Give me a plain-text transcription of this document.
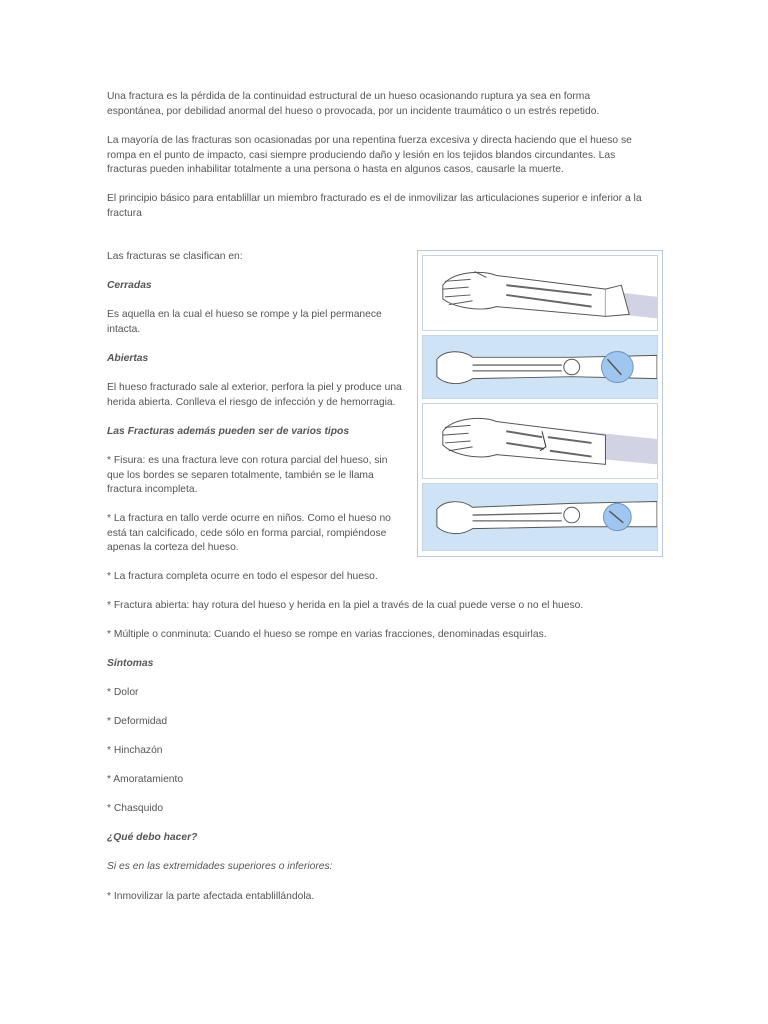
Una fractura es la pérdida de la continuidad estructural de un hueso ocasionando ruptura ya sea en forma

espontánea, por debilidad anormal del hueso o provocada, por un incidente traumático o un estrés repetido.

La mayoría de las fracturas son ocasionadas por una repentina fuerza excesiva y directa haciendo que el hueso se

rompa en el punto de impacto, casi siempre produciendo daño y lesión en los tejidos blandos circundantes. Las

fracturas pueden inhabilitar totalmente a una persona o hasta en algunos casos, causarle la muerte.

El principio básico para entablillar un miembro fracturado es el de inmovilizar las articulaciones superior e inferior a la

fractura

Las fracturas se clasifican en:

Cerradas

Es aquella en la cual el hueso se rompe y la piel permanece

intacta.

Abiertas

El hueso fracturado sale al exterior, perfora la piel y produce una

herida abierta. Conlleva el riesgo de infección y de hemorragia.

Las Fracturas además pueden ser de varios tipos

* Fisura: es una fractura leve con rotura parcial del hueso, sin

que los bordes se separen totalmente, también se le llama

fractura incompleta.

* La fractura en tallo verde ocurre en niños. Como el hueso no

está tan calcificado, cede sólo en forma parcial, rompiéndose

apenas la corteza del hueso.

* La fractura completa ocurre en todo el espesor del hueso.

* Fractura abierta: hay rotura del hueso y herida en la piel a través de la cual puede verse o no el hueso.

* Múltiple o conminuta: Cuando el hueso se rompe en varias fracciones, denominadas esquirlas.

Síntomas

* Dolor

* Deformidad

* Hinchazón

* Amoratamiento

* Chasquido

¿Qué debo hacer?

Si es en las extremidades superiores o inferiores:

* Inmovilizar la parte afectada entablillándola.
